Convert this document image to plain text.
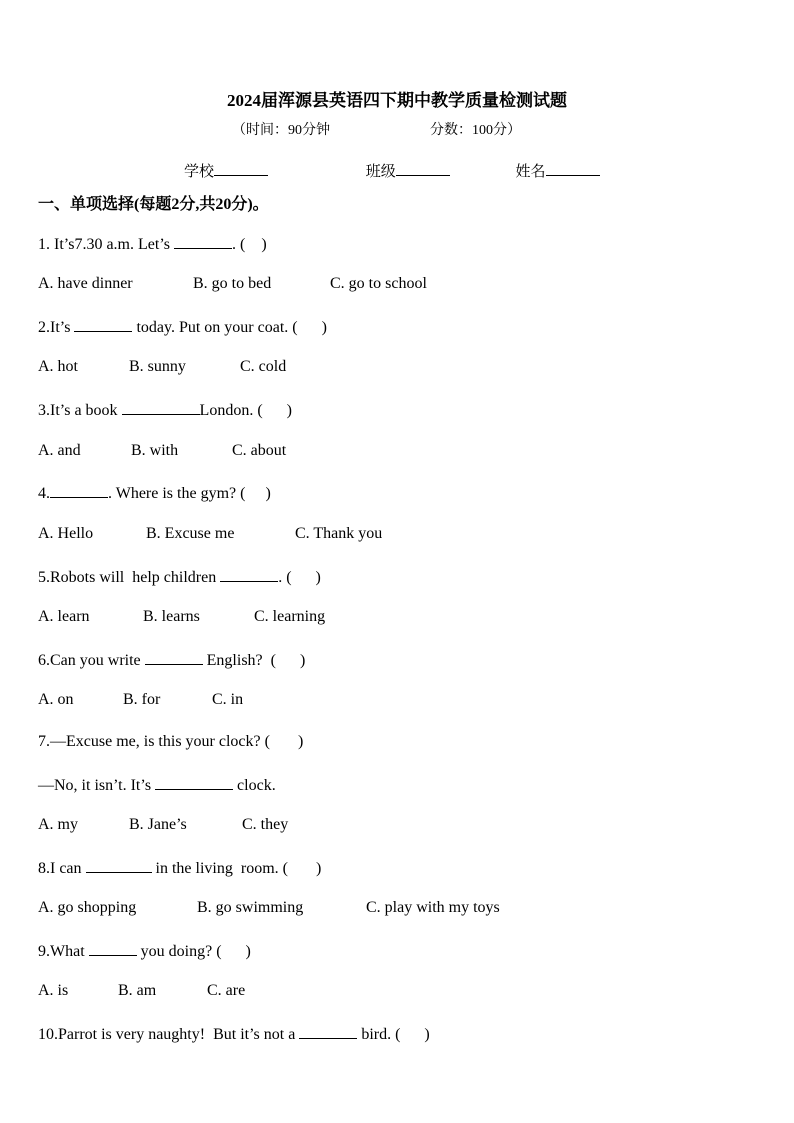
2024届浑源县英语四下期中教学质量检测试题
（时间：90分钟	分数：100分）
学校	班级	姓名
一、单项选择(每题2分,共20分)。
1. It’s7.30 a.m. Let’s	. (    )
A. have dinner	B. go to bed	C. go to school
2.It’s	today. Put on your coat. (      )
A. hot	B. sunny	C. cold
3.It’s a book	London. (      )
A. and	B. with	C. about
4.	. Where is the gym? (     )
A. Hello	B. Excuse me	C. Thank you
5.Robots will  help children	. (      )
A. learn	B. learns	C. learning
6.Can you write	English?  (      )
A. on	B. for	C. in
7.—Excuse me, is this your clock? (       )
—No, it isn’t. It’s	clock.
A. my	B. Jane’s	C. they
8.I can	in the living  room. (       )
A. go shopping	B. go swimming	C. play with my toys
9.What	you doing? (      )
A. is	B. am	C. are
10.Parrot is very naughty!  But it’s not a	bird. (      )
